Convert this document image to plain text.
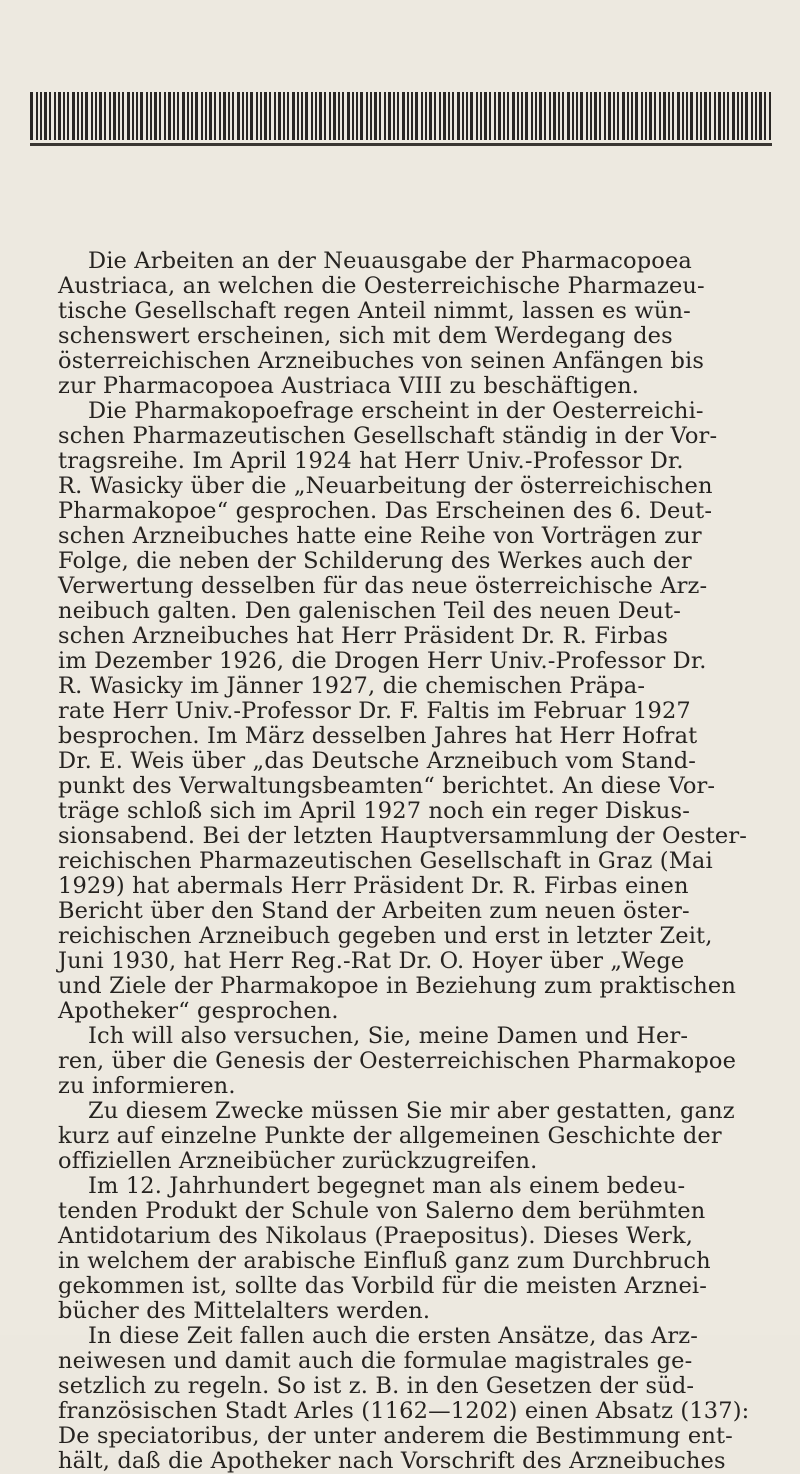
Die Arbeiten an der Neuausgabe der Pharmacopoea

Austriaca, an welchen die Oesterreichische Pharmazeu-

tische Gesellschaft regen Anteil nimmt, lassen es wün-

schenswert erscheinen, sich mit dem Werdegang des

österreichischen Arzneibuches von seinen Anfängen bis

zur Pharmacopoea Austriaca VIII zu beschäftigen.

Die Pharmakopoefrage erscheint in der Oesterreichi-

schen Pharmazeutischen Gesellschaft ständig in der Vor-

tragsreihe. Im April 1924 hat Herr Univ.-Professor Dr.

R. Wasicky über die „Neuarbeitung der österreichischen

Pharmakopoe“ gesprochen. Das Erscheinen des 6. Deut-

schen Arzneibuches hatte eine Reihe von Vorträgen zur

Folge, die neben der Schilderung des Werkes auch der

Verwertung desselben für das neue österreichische Arz-

neibuch galten. Den galenischen Teil des neuen Deut-

schen Arzneibuches hat Herr Präsident Dr. R. Firbas

im Dezember 1926, die Drogen Herr Univ.-Professor Dr.

R. Wasicky im Jänner 1927, die chemischen Präpa-

rate Herr Univ.-Professor Dr. F. Faltis im Februar 1927

besprochen. Im März desselben Jahres hat Herr Hofrat

Dr. E. Weis über „das Deutsche Arzneibuch vom Stand-

punkt des Verwaltungsbeamten“ berichtet. An diese Vor-

träge schloß sich im April 1927 noch ein reger Diskus-

sionsabend. Bei der letzten Hauptversammlung der Oester-

reichischen Pharmazeutischen Gesellschaft in Graz (Mai

1929) hat abermals Herr Präsident Dr. R. Firbas einen

Bericht über den Stand der Arbeiten zum neuen öster-

reichischen Arzneibuch gegeben und erst in letzter Zeit,

Juni 1930, hat Herr Reg.-Rat Dr. O. Hoyer über „Wege

und Ziele der Pharmakopoe in Beziehung zum praktischen

Apotheker“ gesprochen.

Ich will also versuchen, Sie, meine Damen und Her-

ren, über die Genesis der Oesterreichischen Pharmakopoe

zu informieren.

Zu diesem Zwecke müssen Sie mir aber gestatten, ganz

kurz auf einzelne Punkte der allgemeinen Geschichte der

offiziellen Arzneibücher zurückzugreifen.

Im 12. Jahrhundert begegnet man als einem bedeu-

tenden Produkt der Schule von Salerno dem berühmten

Antidotarium des Nikolaus (Praepositus). Dieses Werk,

in welchem der arabische Einfluß ganz zum Durchbruch

gekommen ist, sollte das Vorbild für die meisten Arznei-

bücher des Mittelalters werden.

In diese Zeit fallen auch die ersten Ansätze, das Arz-

neiwesen und damit auch die formulae magistrales ge-

setzlich zu regeln. So ist z. B. in den Gesetzen der süd-

französischen Stadt Arles (1162—1202) einen Absatz (137):

De speciatoribus, der unter anderem die Bestimmung ent-

hält, daß die Apotheker nach Vorschrift des Arzneibuches
